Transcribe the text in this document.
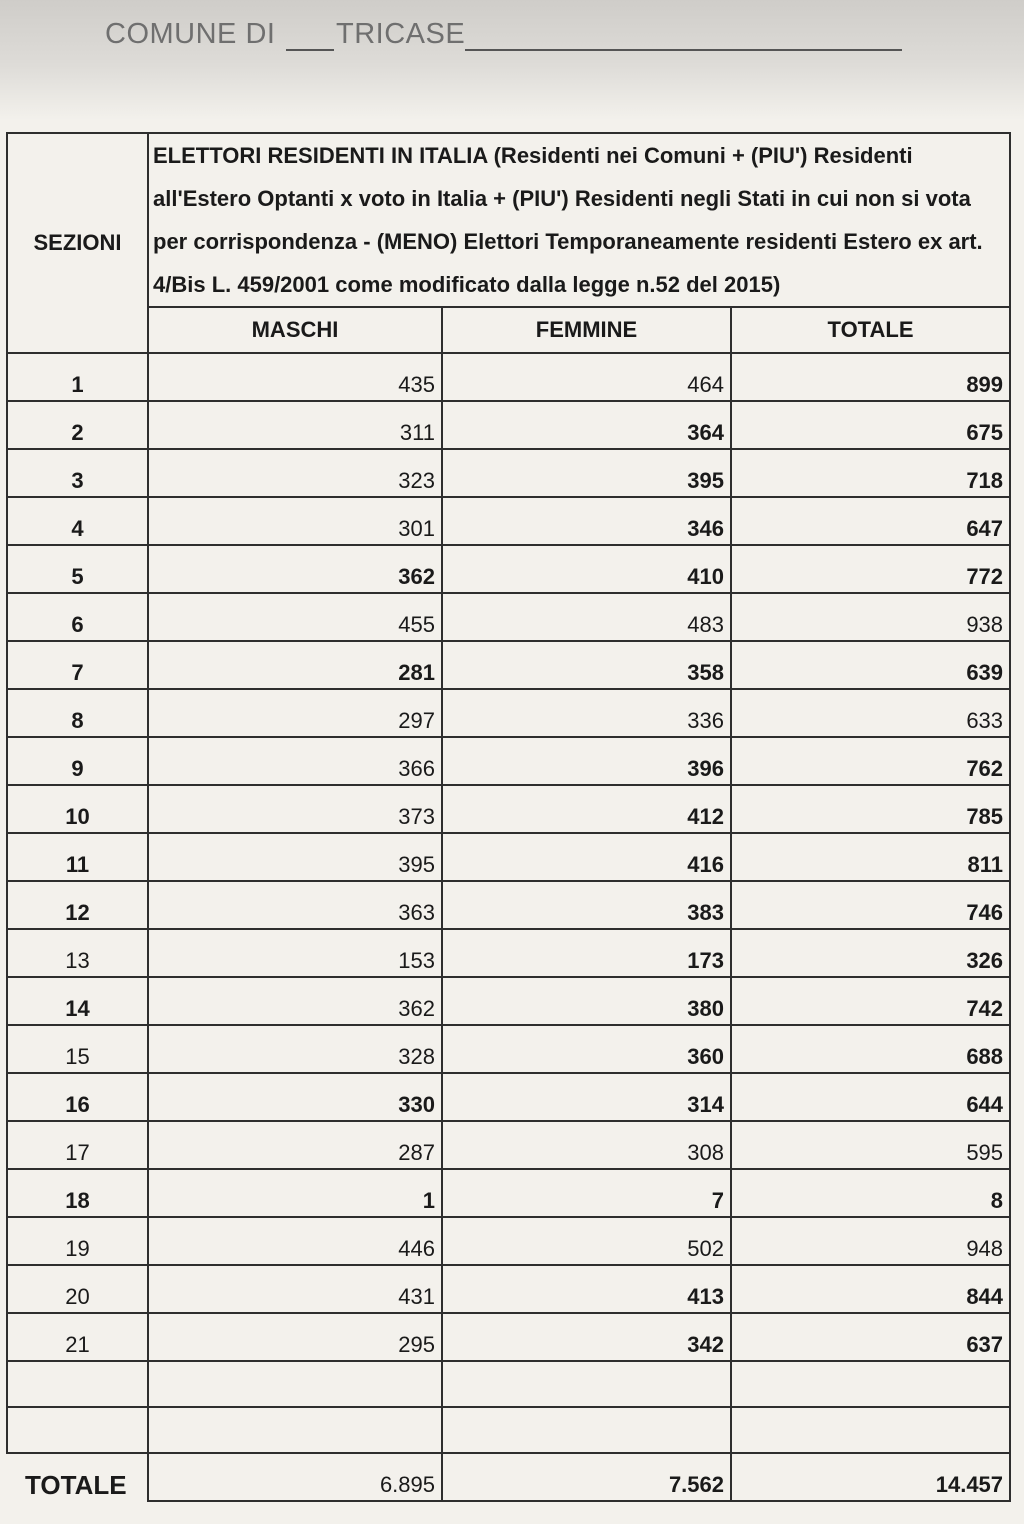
COMUNE DI TRICASE
SEZIONI	ELETTORI RESIDENTI IN ITALIA (Residenti nei Comuni + (PIU') Residenti all'Estero Optanti x voto in Italia + (PIU') Residenti negli Stati in cui non si vota per corrispondenza - (MENO) Elettori Temporaneamente residenti Estero ex art. 4/Bis L. 459/2001 come modificato dalla legge n.52 del 2015)		
	MASCHI	FEMMINE	TOTALE
1	435	464	899
2	311	364	675
3	323	395	718
4	301	346	647
5	362	410	772
6	455	483	938
7	281	358	639
8	297	336	633
9	366	396	762
10	373	412	785
11	395	416	811
12	363	383	746
13	153	173	326
14	362	380	742
15	328	360	688
16	330	314	644
17	287	308	595
18	1	7	8
19	446	502	948
20	431	413	844
21	295	342	637

TOTALE	6.895	7.562	14.457
